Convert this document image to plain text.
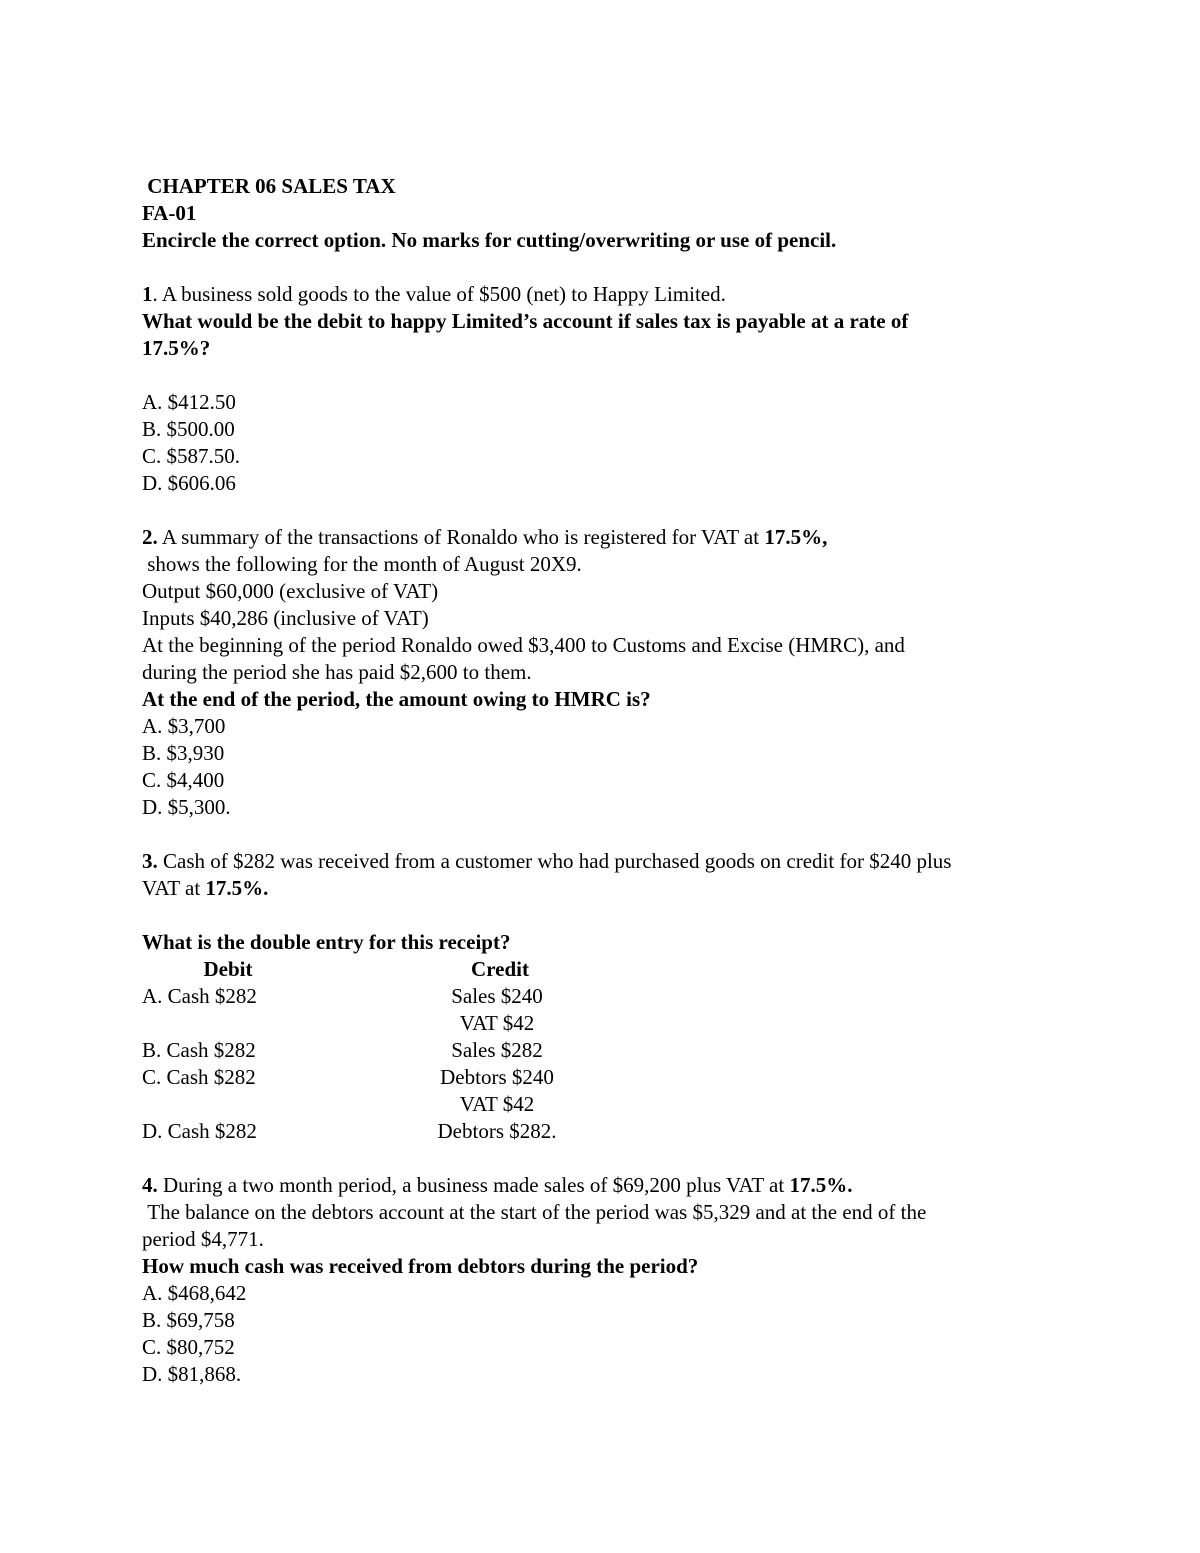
CHAPTER 06 SALES TAX

FA-01

Encircle the correct option. No marks for cutting/overwriting or use of pencil.

1. A business sold goods to the value of $500 (net) to Happy Limited.

What would be the debit to happy Limited’s account if sales tax is payable at a rate of

17.5%?

A. $412.50

B. $500.00

C. $587.50.

D. $606.06

2. A summary of the transactions of Ronaldo who is registered for VAT at 17.5%,

shows the following for the month of August 20X9.

Output $60,000 (exclusive of VAT)

Inputs $40,286 (inclusive of VAT)

At the beginning of the period Ronaldo owed $3,400 to Customs and Excise (HMRC), and

during the period she has paid $2,600 to them.

At the end of the period, the amount owing to HMRC is?

A. $3,700

B. $3,930

C. $4,400

D. $5,300.

3. Cash of $282 was received from a customer who had purchased goods on credit for $240 plus

VAT at 17.5%.

What is the double entry for this receipt?

Debit	Credit
A. Cash $282	Sales $240
VAT $42
B. Cash $282	Sales $282
C. Cash $282	Debtors $240
VAT $42
D. Cash $282	Debtors $282.

4. During a two month period, a business made sales of $69,200 plus VAT at 17.5%.

The balance on the debtors account at the start of the period was $5,329 and at the end of the

period $4,771.

How much cash was received from debtors during the period?

A. $468,642

B. $69,758

C. $80,752

D. $81,868.
